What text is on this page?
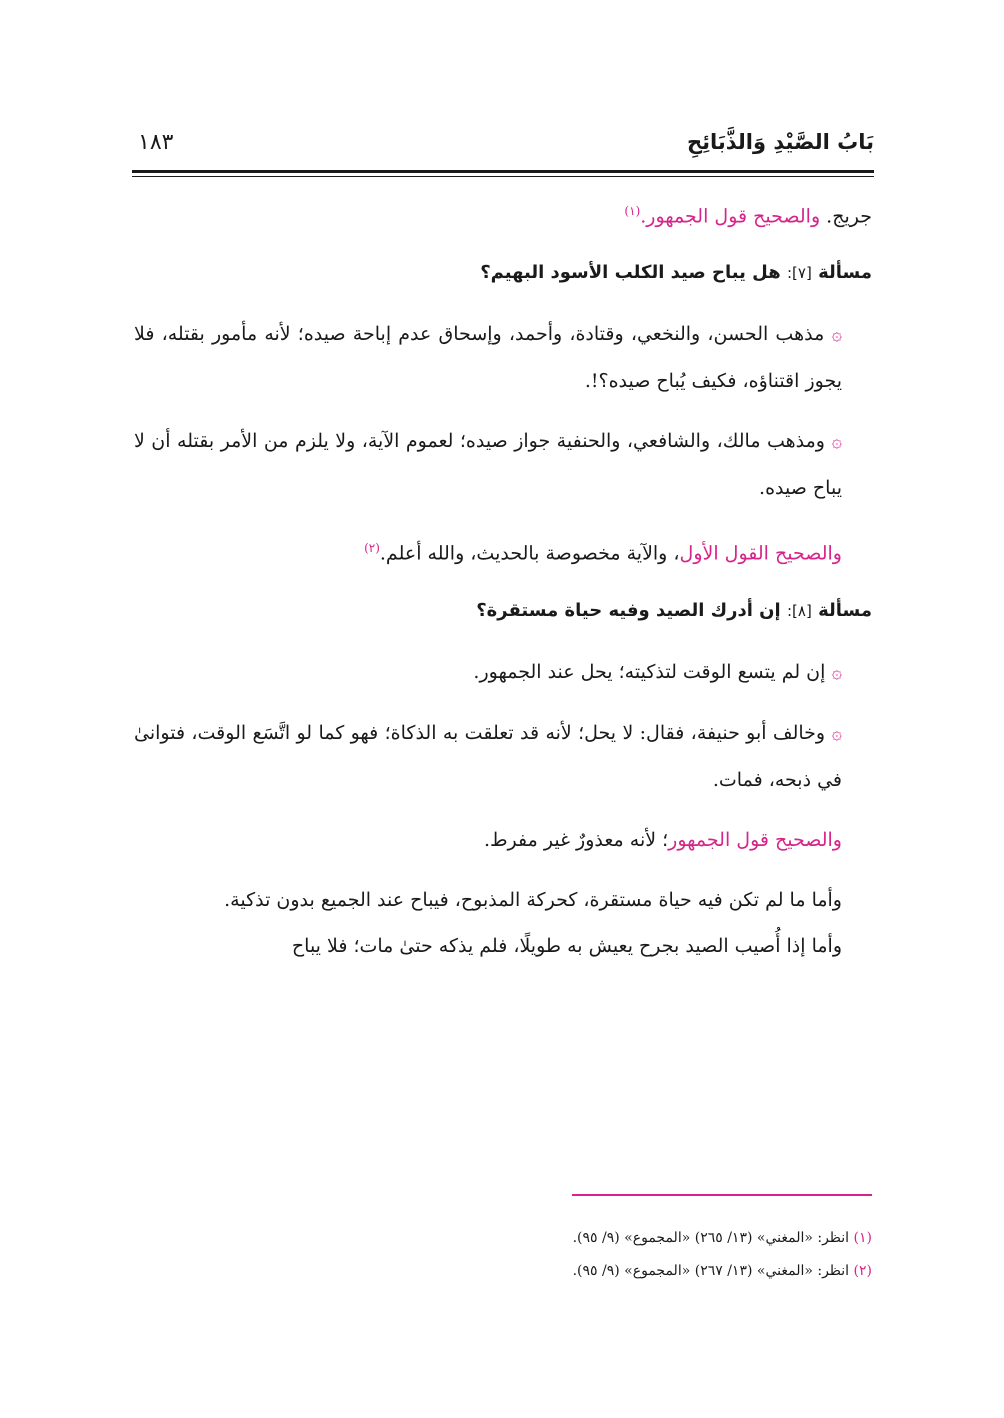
بَابُ الصَّيْدِ وَالذَّبَائِحِ
١٨٣
جريج. والصحيح قول الجمهور.$^{(١)}$
مسألة [٧]: هل يباح صيد الكلب الأسود البهيم؟
۞ مذهب الحسن، والنخعي، وقتادة، وأحمد، وإسحاق عدم إباحة صيده؛ لأنه مأمور بقتله، فلا يجوز اقتناؤه، فكيف يُباح صيده؟!.
۞ ومذهب مالك، والشافعي، والحنفية جواز صيده؛ لعموم الآية، ولا يلزم من الأمر بقتله أن لا يباح صيده.
والصحيح القول الأول، والآية مخصوصة بالحديث، والله أعلم.$^{(٢)}$
مسألة [٨]: إن أدرك الصيد وفيه حياة مستقرة؟
۞ إن لم يتسع الوقت لتذكيته؛ يحل عند الجمهور.
۞ وخالف أبو حنيفة، فقال: لا يحل؛ لأنه قد تعلقت به الذكاة؛ فهو كما لو اتَّسَع الوقت، فتوانىٰ في ذبحه، فمات.
والصحيح قول الجمهور؛ لأنه معذورٌ غير مفرط.
وأما ما لم تكن فيه حياة مستقرة، كحركة المذبوح، فيباح عند الجميع بدون تذكية.
وأما إذا أُصيب الصيد بجرح يعيش به طويلًا، فلم يذكه حتىٰ مات؛ فلا يباح
(١) انظر: «المغني» (١٣/ ٢٦٥) «المجموع» (٩/ ٩٥).
(٢) انظر: «المغني» (١٣/ ٢٦٧) «المجموع» (٩/ ٩٥).
